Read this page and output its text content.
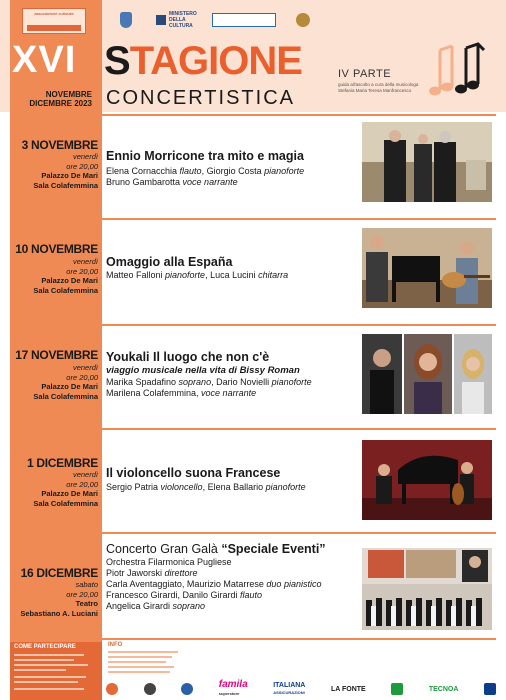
associazione culturale	MINISTERO DELLA CULTURA
XVI STAGIONE
CONCERTISTICA
NOVEMBRE
DICEMBRE 2023
IV PARTE
guida all'ascolto a cura della musicologa Stefania Maria Teresa Manfrancesco
3 NOVEMBRE
venerdì
ore 20,00
Palazzo De Mari
Sala Colafemmina
Ennio Morricone tra mito e magia
Elena Cornacchia flauto, Giorgio Costa pianoforte
Bruno Gambarotta voce narrante
10 NOVEMBRE
venerdì
ore 20,00
Palazzo De Mari
Sala Colafemmina
Omaggio alla España
Matteo Falloni pianoforte, Luca Lucini chitarra
17 NOVEMBRE
venerdì
ore 20,00
Palazzo De Mari
Sala Colafemmina
Youkali Il luogo che non c'è
viaggio musicale nella vita di Bissy Roman
Marika Spadafino soprano, Dario Novielli pianoforte
Marilena Colafemmina, voce narrante
1 DICEMBRE
venerdì
ore 20,00
Palazzo De Mari
Sala Colafemmina
Il violoncello suona Francese
Sergio Patria violoncello, Elena Ballario pianoforte
16 DICEMBRE
sabato
ore 20,00
Teatro
Sebastiano A. Luciani
Concerto Gran Galà “Speciale Eventi”
Orchestra Filarmonica Pugliese
Piotr Jaworski direttore
Carla Aventaggiato, Maurizio Matarrese duo pianistico
Francesco Girardi, Danilo Girardi flauto
Angelica Girardi soprano
COME PARTECIPARE	INFO
famila
superstore
ITALIANA
ASSICURAZIONI	LA FONTE	TECNOA
